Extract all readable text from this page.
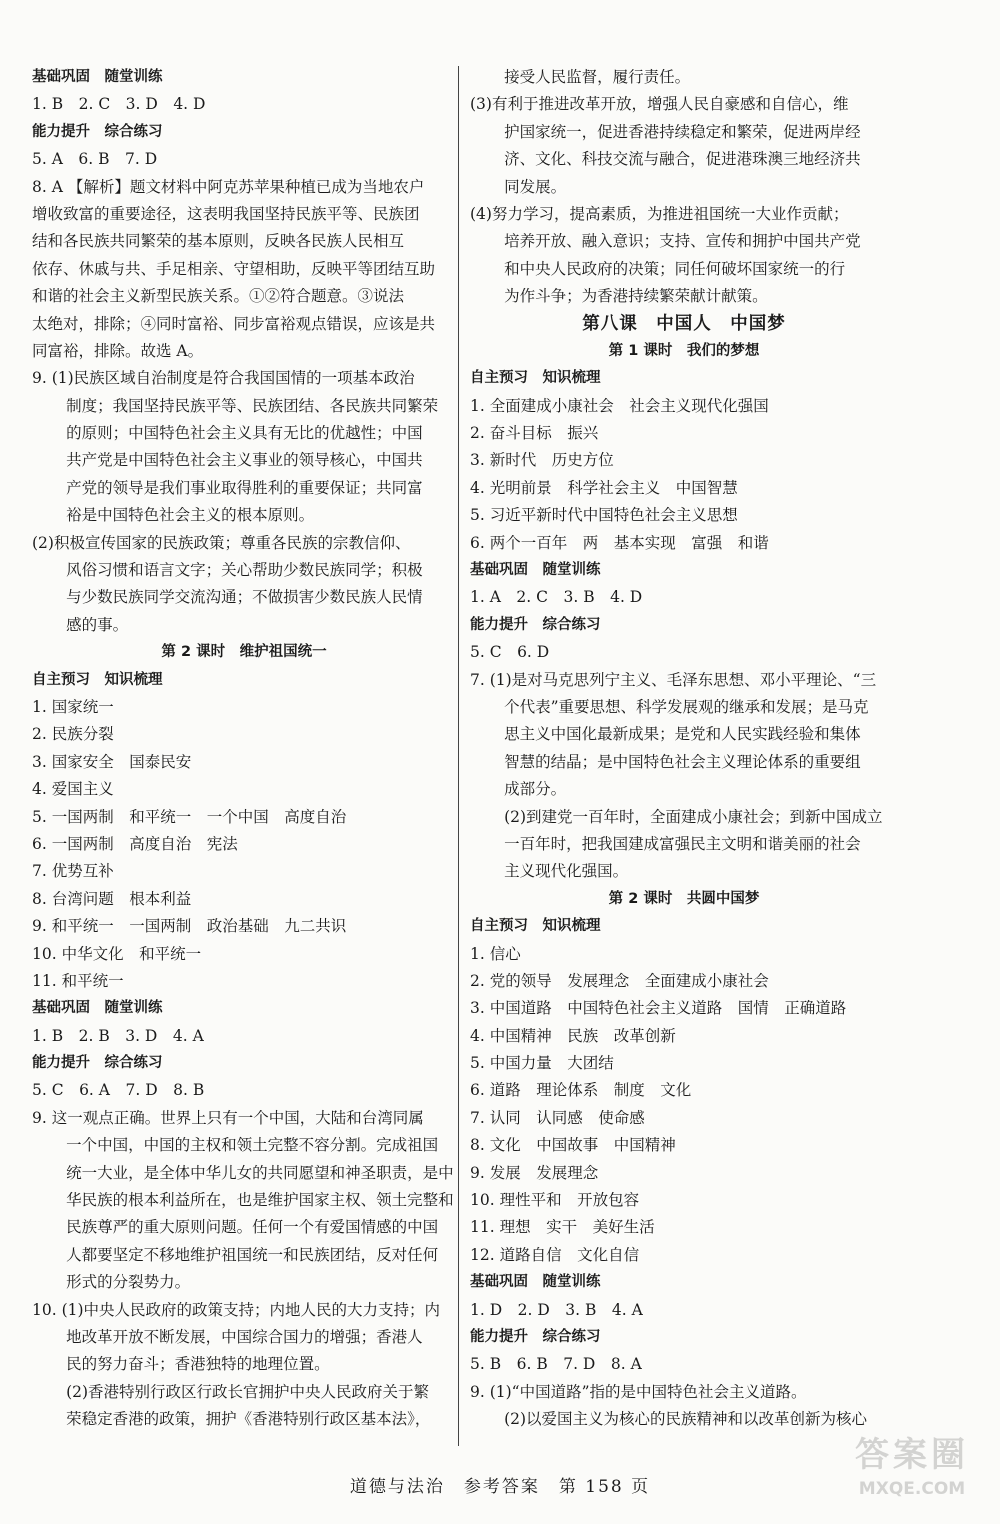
基础巩固　随堂训练
1. B　2. C　3. D　4. D
能力提升　综合练习
5. A　6. B　7. D
8. A 【解析】题文材料中阿克苏苹果种植已成为当地农户
增收致富的重要途径，这表明我国坚持民族平等、民族团
结和各民族共同繁荣的基本原则，反映各民族人民相互
依存、休戚与共、手足相亲、守望相助，反映平等团结互助
和谐的社会主义新型民族关系。①②符合题意。③说法
太绝对，排除；④同时富裕、同步富裕观点错误，应该是共
同富裕，排除。故选 A。
9. (1)民族区域自治制度是符合我国国情的一项基本政治
制度；我国坚持民族平等、民族团结、各民族共同繁荣
的原则；中国特色社会主义具有无比的优越性；中国
共产党是中国特色社会主义事业的领导核心，中国共
产党的领导是我们事业取得胜利的重要保证；共同富
裕是中国特色社会主义的根本原则。
(2)积极宣传国家的民族政策；尊重各民族的宗教信仰、
风俗习惯和语言文字；关心帮助少数民族同学；积极
与少数民族同学交流沟通；不做损害少数民族人民情
感的事。
第 2 课时　维护祖国统一
自主预习　知识梳理
1. 国家统一
2. 民族分裂
3. 国家安全　国泰民安
4. 爱国主义
5. 一国两制　和平统一　一个中国　高度自治
6. 一国两制　高度自治　宪法
7. 优势互补
8. 台湾问题　根本利益
9. 和平统一　一国两制　政治基础　九二共识
10. 中华文化　和平统一
11. 和平统一
基础巩固　随堂训练
1. B　2. B　3. D　4. A
能力提升　综合练习
5. C　6. A　7. D　8. B
9. 这一观点正确。世界上只有一个中国，大陆和台湾同属
一个中国，中国的主权和领土完整不容分割。完成祖国
统一大业，是全体中华儿女的共同愿望和神圣职责，是中
华民族的根本利益所在，也是维护国家主权、领土完整和
民族尊严的重大原则问题。任何一个有爱国情感的中国
人都要坚定不移地维护祖国统一和民族团结，反对任何
形式的分裂势力。
10. (1)中央人民政府的政策支持；内地人民的大力支持；内
地改革开放不断发展，中国综合国力的增强；香港人
民的努力奋斗；香港独特的地理位置。
(2)香港特别行政区行政长官拥护中央人民政府关于繁
荣稳定香港的政策，拥护《香港特别行政区基本法》，
接受人民监督，履行责任。
(3)有利于推进改革开放，增强人民自豪感和自信心，维
护国家统一，促进香港持续稳定和繁荣，促进两岸经
济、文化、科技交流与融合，促进港珠澳三地经济共
同发展。
(4)努力学习，提高素质，为推进祖国统一大业作贡献；
培养开放、融入意识；支持、宣传和拥护中国共产党
和中央人民政府的决策；同任何破坏国家统一的行
为作斗争；为香港持续繁荣献计献策。
第八课　中国人　中国梦
第 1 课时　我们的梦想
自主预习　知识梳理
1. 全面建成小康社会　社会主义现代化强国
2. 奋斗目标　振兴
3. 新时代　历史方位
4. 光明前景　科学社会主义　中国智慧
5. 习近平新时代中国特色社会主义思想
6. 两个一百年　两　基本实现　富强　和谐
基础巩固　随堂训练
1. A　2. C　3. B　4. D
能力提升　综合练习
5. C　6. D
7. (1)是对马克思列宁主义、毛泽东思想、邓小平理论、“三
个代表”重要思想、科学发展观的继承和发展；是马克
思主义中国化最新成果；是党和人民实践经验和集体
智慧的结晶；是中国特色社会主义理论体系的重要组
成部分。
(2)到建党一百年时，全面建成小康社会；到新中国成立
一百年时，把我国建成富强民主文明和谐美丽的社会
主义现代化强国。
第 2 课时　共圆中国梦
自主预习　知识梳理
1. 信心
2. 党的领导　发展理念　全面建成小康社会
3. 中国道路　中国特色社会主义道路　国情　正确道路
4. 中国精神　民族　改革创新
5. 中国力量　大团结
6. 道路　理论体系　制度　文化
7. 认同　认同感　使命感
8. 文化　中国故事　中国精神
9. 发展　发展理念
10. 理性平和　开放包容
11. 理想　实干　美好生活
12. 道路自信　文化自信
基础巩固　随堂训练
1. D　2. D　3. B　4. A
能力提升　综合练习
5. B　6. B　7. D　8. A
9. (1)“中国道路”指的是中国特色社会主义道路。
(2)以爱国主义为核心的民族精神和以改革创新为核心
道德与法治　参考答案　第 158 页
答案圈
MXQE.COM
